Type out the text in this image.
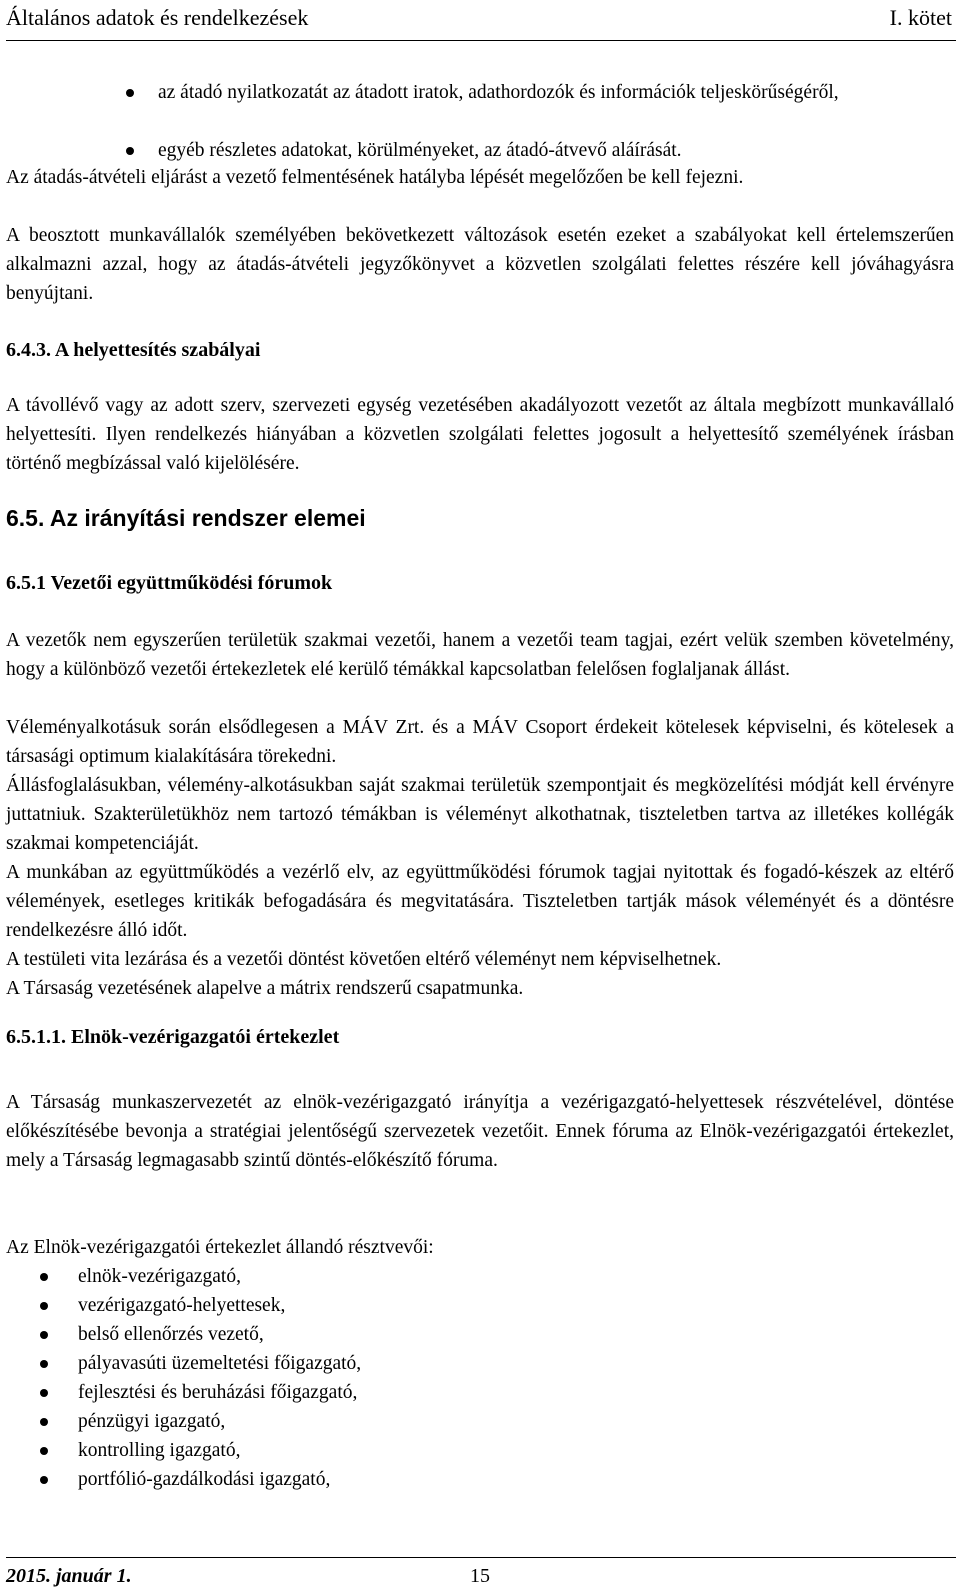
Általános adatok és rendelkezések	I. kötet
az átadó nyilatkozatát az átadott iratok, adathordozók és információk teljeskörűségéről,
egyéb részletes adatokat, körülményeket, az átadó-átvevő aláírását.

Az átadás-átvételi eljárást a vezető felmentésének hatályba lépését megelőzően be kell fejezni.

A beosztott munkavállalók személyében bekövetkezett változások esetén ezeket a szabályokat kell értelemszerűen alkalmazni azzal, hogy az átadás-átvételi jegyzőkönyvet a közvetlen szolgálati felettes részére kell jóváhagyásra benyújtani.

6.4.3. A helyettesítés szabályai

A távollévő vagy az adott szerv, szervezeti egység vezetésében akadályozott vezetőt az általa megbízott munkavállaló helyettesíti. Ilyen rendelkezés hiányában a közvetlen szolgálati felettes jogosult a helyettesítő személyének írásban történő megbízással való kijelölésére.

6.5. Az irányítási rendszer elemei
6.5.1 Vezetői együttműködési fórumok

A vezetők nem egyszerűen területük szakmai vezetői, hanem a vezetői team tagjai, ezért velük szemben követelmény, hogy a különböző vezetői értekezletek elé kerülő témákkal kapcsolatban felelősen foglaljanak állást.

Véleményalkotásuk során elsődlegesen a MÁV Zrt. és a MÁV Csoport érdekeit kötelesek képviselni, és kötelesek a társasági optimum kialakítására törekedni.

Állásfoglalásukban, vélemény-alkotásukban saját szakmai területük szempontjait és megközelítési módját kell érvényre juttatniuk. Szakterületükhöz nem tartozó témákban is véleményt alkothatnak, tiszteletben tartva az illetékes kollégák szakmai kompetenciáját.

A munkában az együttműködés a vezérlő elv, az együttműködési fórumok tagjai nyitottak és fogadó-készek az eltérő vélemények, esetleges kritikák befogadására és megvitatására. Tiszteletben tartják mások véleményét és a döntésre rendelkezésre álló időt.

A testületi vita lezárása és a vezetői döntést követően eltérő véleményt nem képviselhetnek.

A Társaság vezetésének alapelve a mátrix rendszerű csapatmunka.

6.5.1.1. Elnök-vezérigazgatói értekezlet

A Társaság munkaszervezetét az elnök-vezérigazgató irányítja a vezérigazgató-helyettesek részvételével, döntése előkészítésébe bevonja a stratégiai jelentőségű szervezetek vezetőit. Ennek fóruma az Elnök-vezérigazgatói értekezlet, mely a Társaság legmagasabb szintű döntés-előkészítő fóruma.

Az Elnök-vezérigazgatói értekezlet állandó résztvevői:

elnök-vezérigazgató,
vezérigazgató-helyettesek,
belső ellenőrzés vezető,
pályavasúti üzemeltetési főigazgató,
fejlesztési és beruházási főigazgató,
pénzügyi igazgató,
kontrolling igazgató,
portfólió-gazdálkodási igazgató,
2015. január 1.	15
